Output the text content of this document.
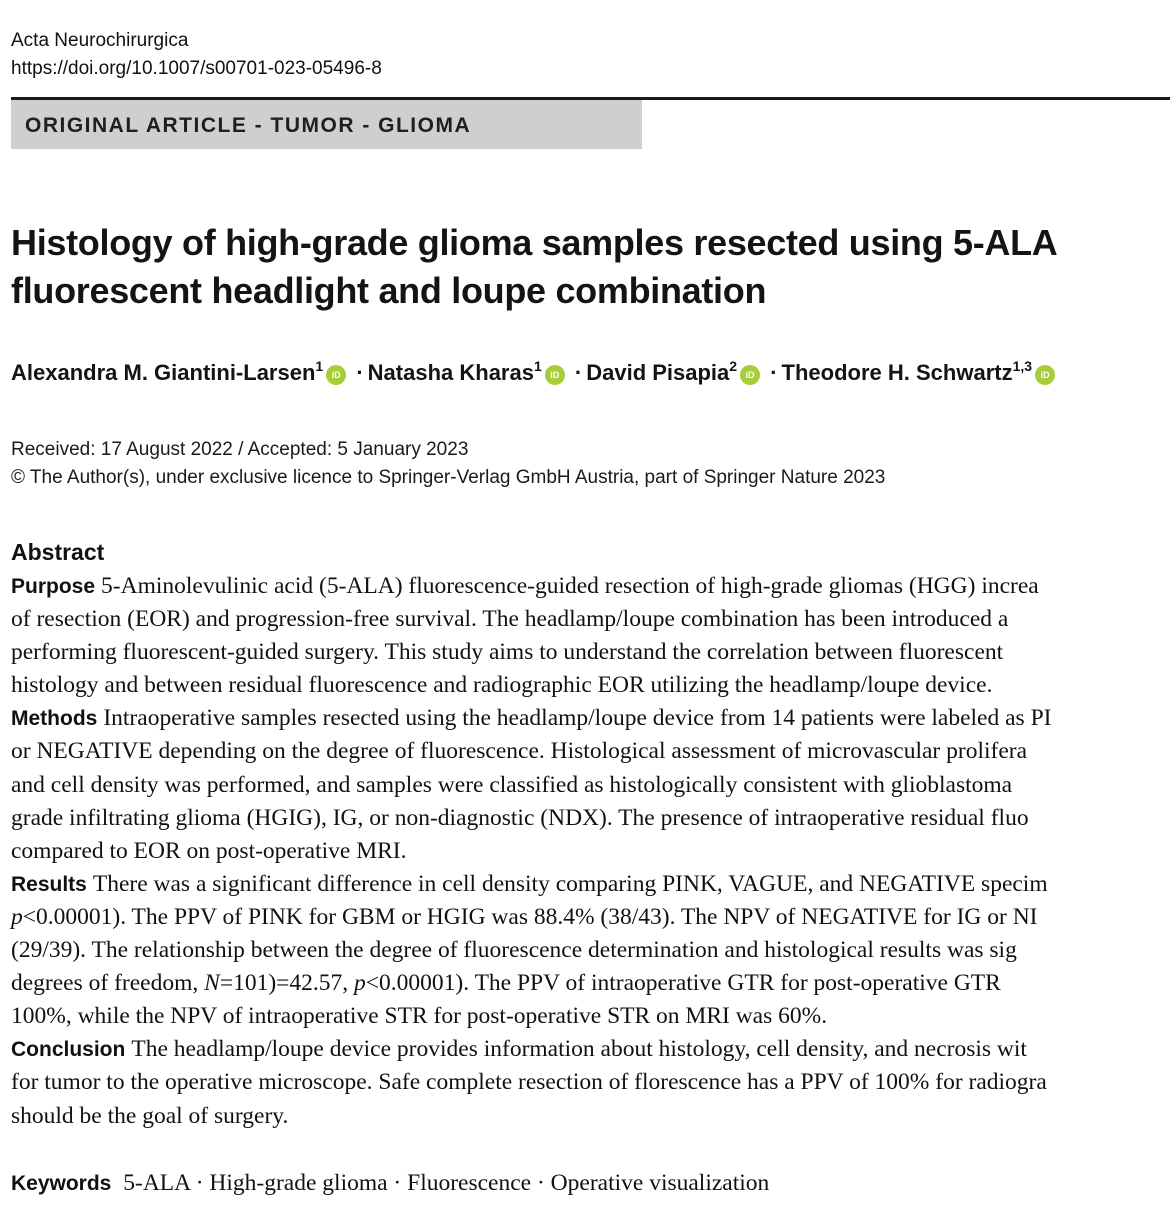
Acta Neurochirurgica
https://doi.org/10.1007/s00701-023-05496-8
ORIGINAL ARTICLE - TUMOR - GLIOMA
Histology of high-grade glioma samples resected using 5-ALA
fluorescent headlight and loupe combination
Alexandra M. Giantini-Larsen$^1$iD · Natasha Kharas$^1$iD · David Pisapia$^2$iD · Theodore H. Schwartz$^{1,3}$iD
Received: 17 August 2022 / Accepted: 5 January 2023
© The Author(s), under exclusive licence to Springer-Verlag GmbH Austria, part of Springer Nature 2023
Abstract

Purpose 5-Aminolevulinic acid (5-ALA) fluorescence-guided resection of high-grade gliomas (HGG) increa

of resection (EOR) and progression-free survival. The headlamp/loupe combination has been introduced a

performing fluorescent-guided surgery. This study aims to understand the correlation between fluorescent

histology and between residual fluorescence and radiographic EOR utilizing the headlamp/loupe device.

Methods Intraoperative samples resected using the headlamp/loupe device from 14 patients were labeled as PI

or NEGATIVE depending on the degree of fluorescence. Histological assessment of microvascular prolifera

and cell density was performed, and samples were classified as histologically consistent with glioblastoma

grade infiltrating glioma (HGIG), IG, or non-diagnostic (NDX). The presence of intraoperative residual fluo

compared to EOR on post-operative MRI.

Results There was a significant difference in cell density comparing PINK, VAGUE, and NEGATIVE specim

p<0.00001). The PPV of PINK for GBM or HGIG was 88.4% (38/43). The NPV of NEGATIVE for IG or NI

(29/39). The relationship between the degree of fluorescence determination and histological results was sig

degrees of freedom, N=101)=42.57, p<0.00001). The PPV of intraoperative GTR for post-operative GTR

100%, while the NPV of intraoperative STR for post-operative STR on MRI was 60%.

Conclusion The headlamp/loupe device provides information about histology, cell density, and necrosis wit

for tumor to the operative microscope. Safe complete resection of florescence has a PPV of 100% for radiogra

should be the goal of surgery.

Keywords 5-ALA · High-grade glioma · Fluorescence · Operative visualization
